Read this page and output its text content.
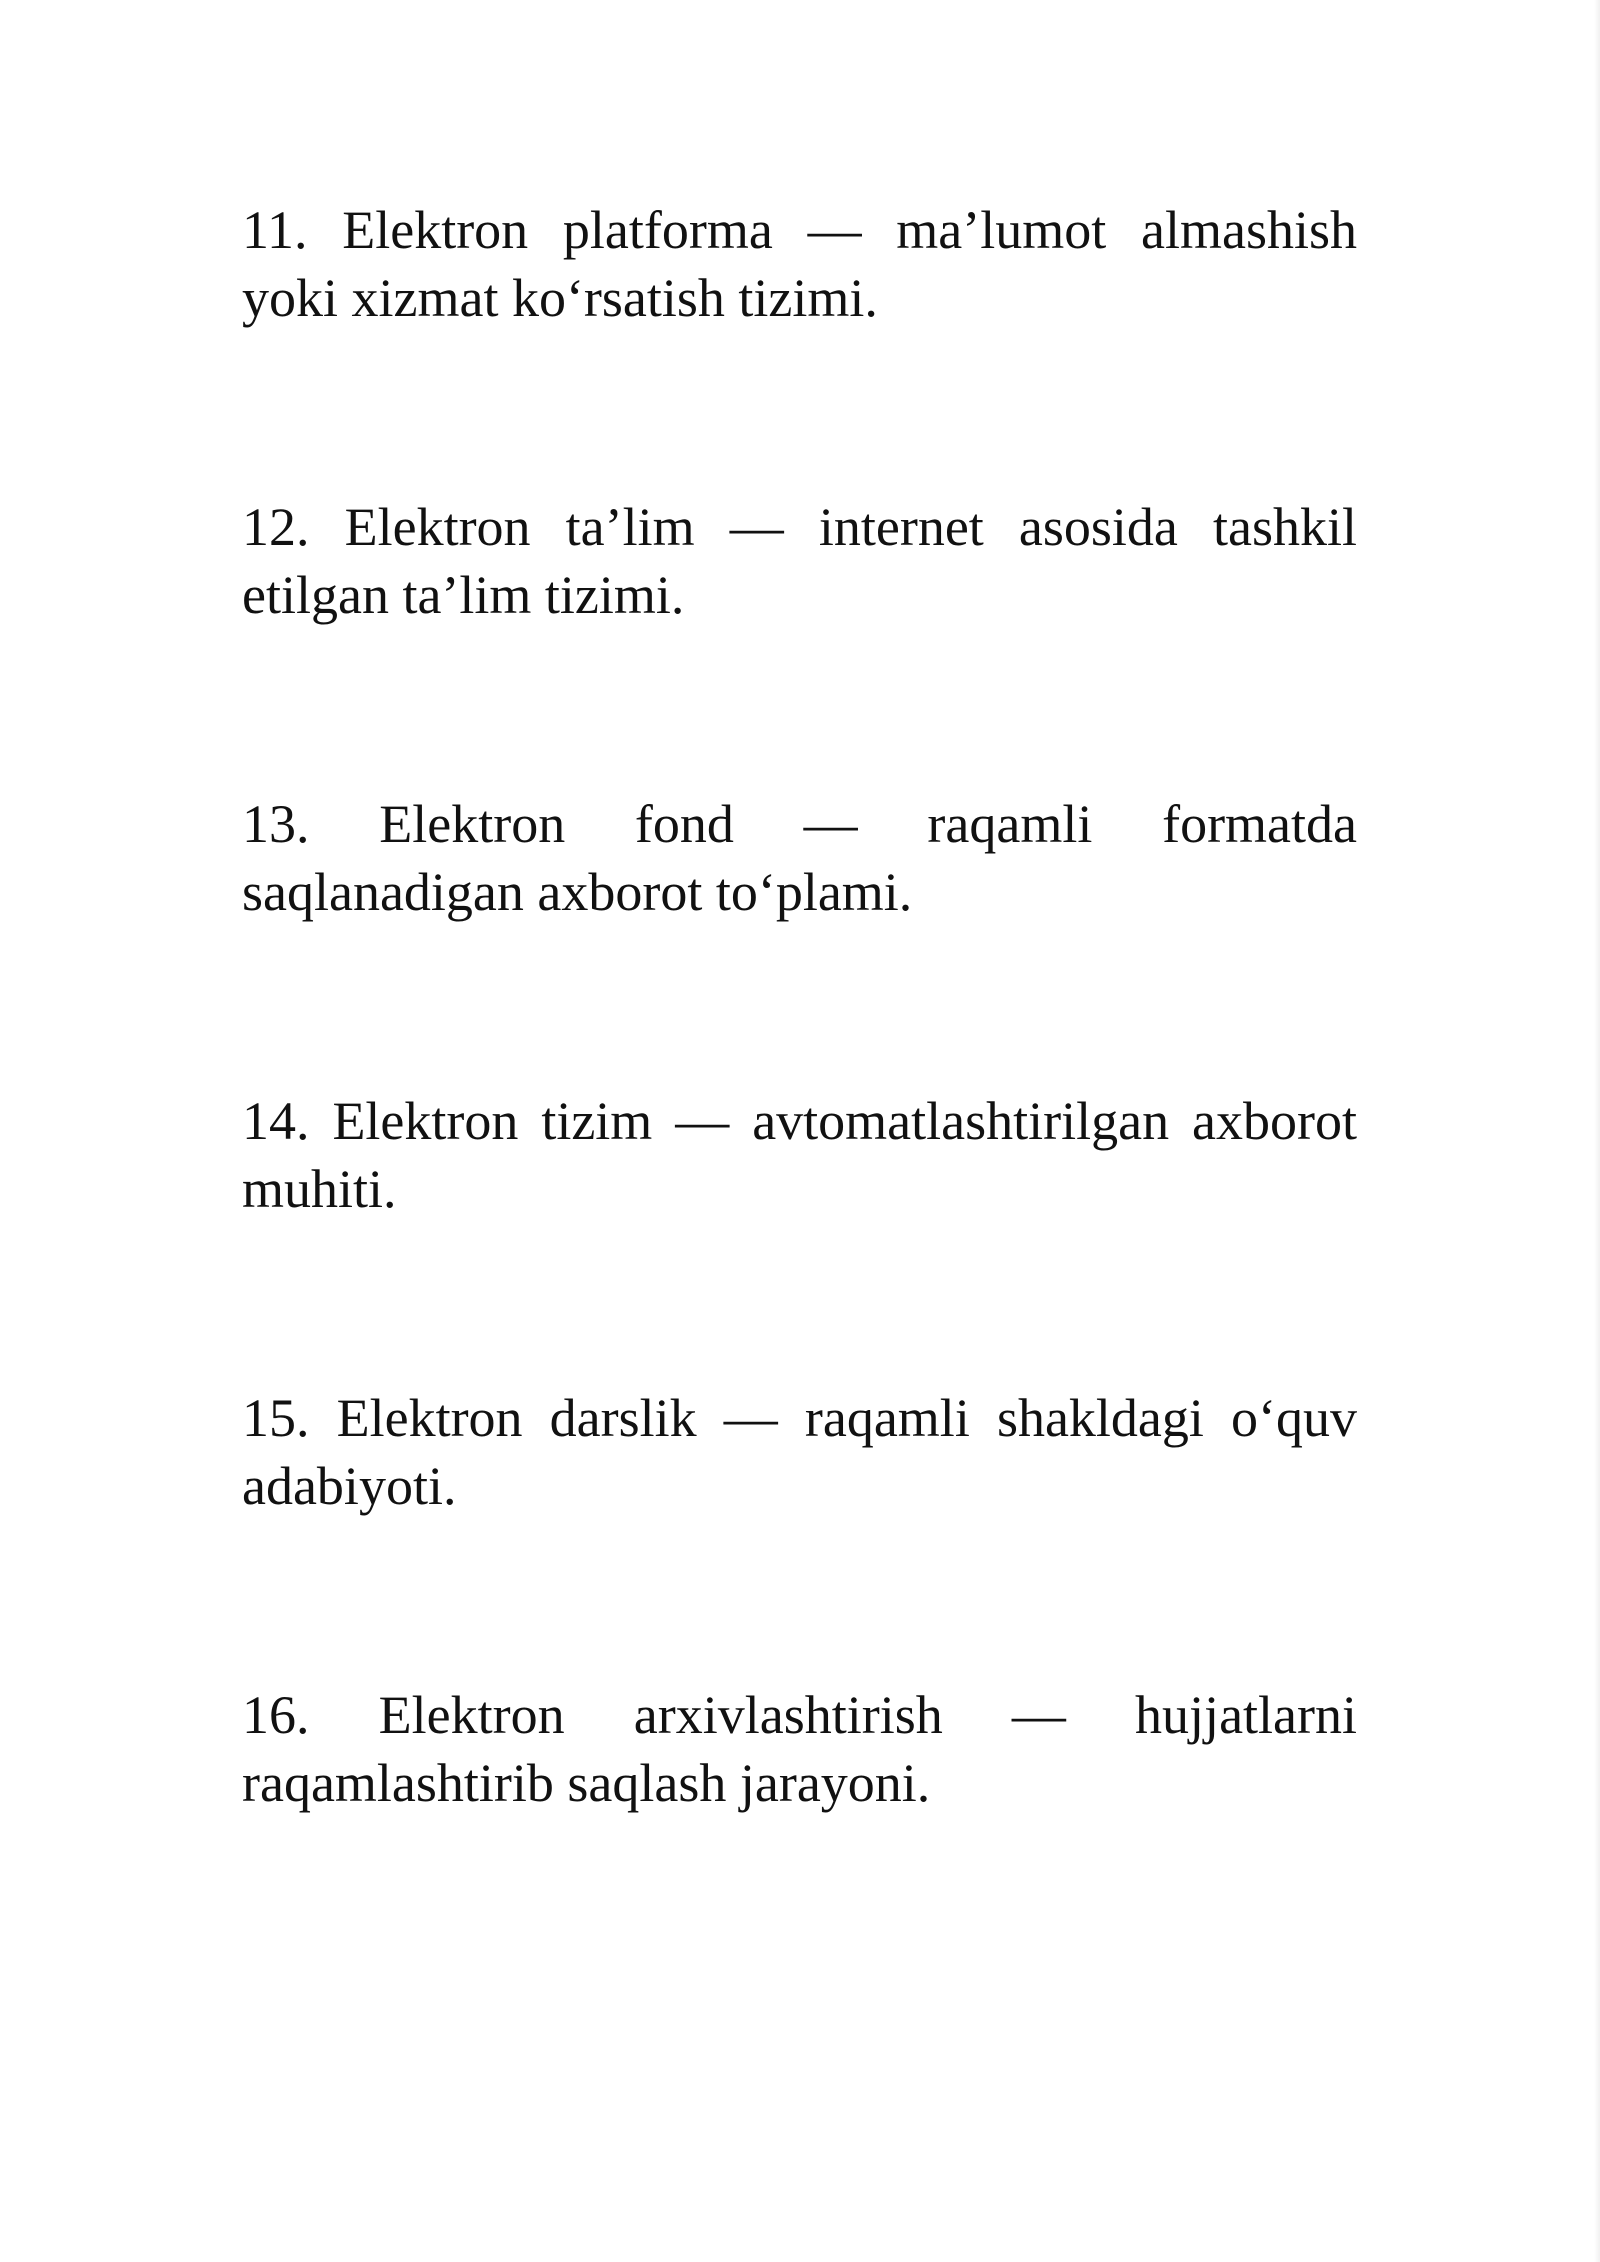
11. Elektron platforma — ma’lumot almashish yoki xizmat ko‘rsatish tizimi.

12. Elektron ta’lim — internet asosida tashkil etilgan ta’lim tizimi.

13. Elektron fond — raqamli formatda saqlanadigan axborot to‘plami.

14. Elektron tizim — avtomatlashtirilgan axborot muhiti.

15. Elektron darslik — raqamli shakldagi o‘quv adabiyoti.

16. Elektron arxivlashtirish — hujjatlarni raqamlashtirib saqlash jarayoni.
